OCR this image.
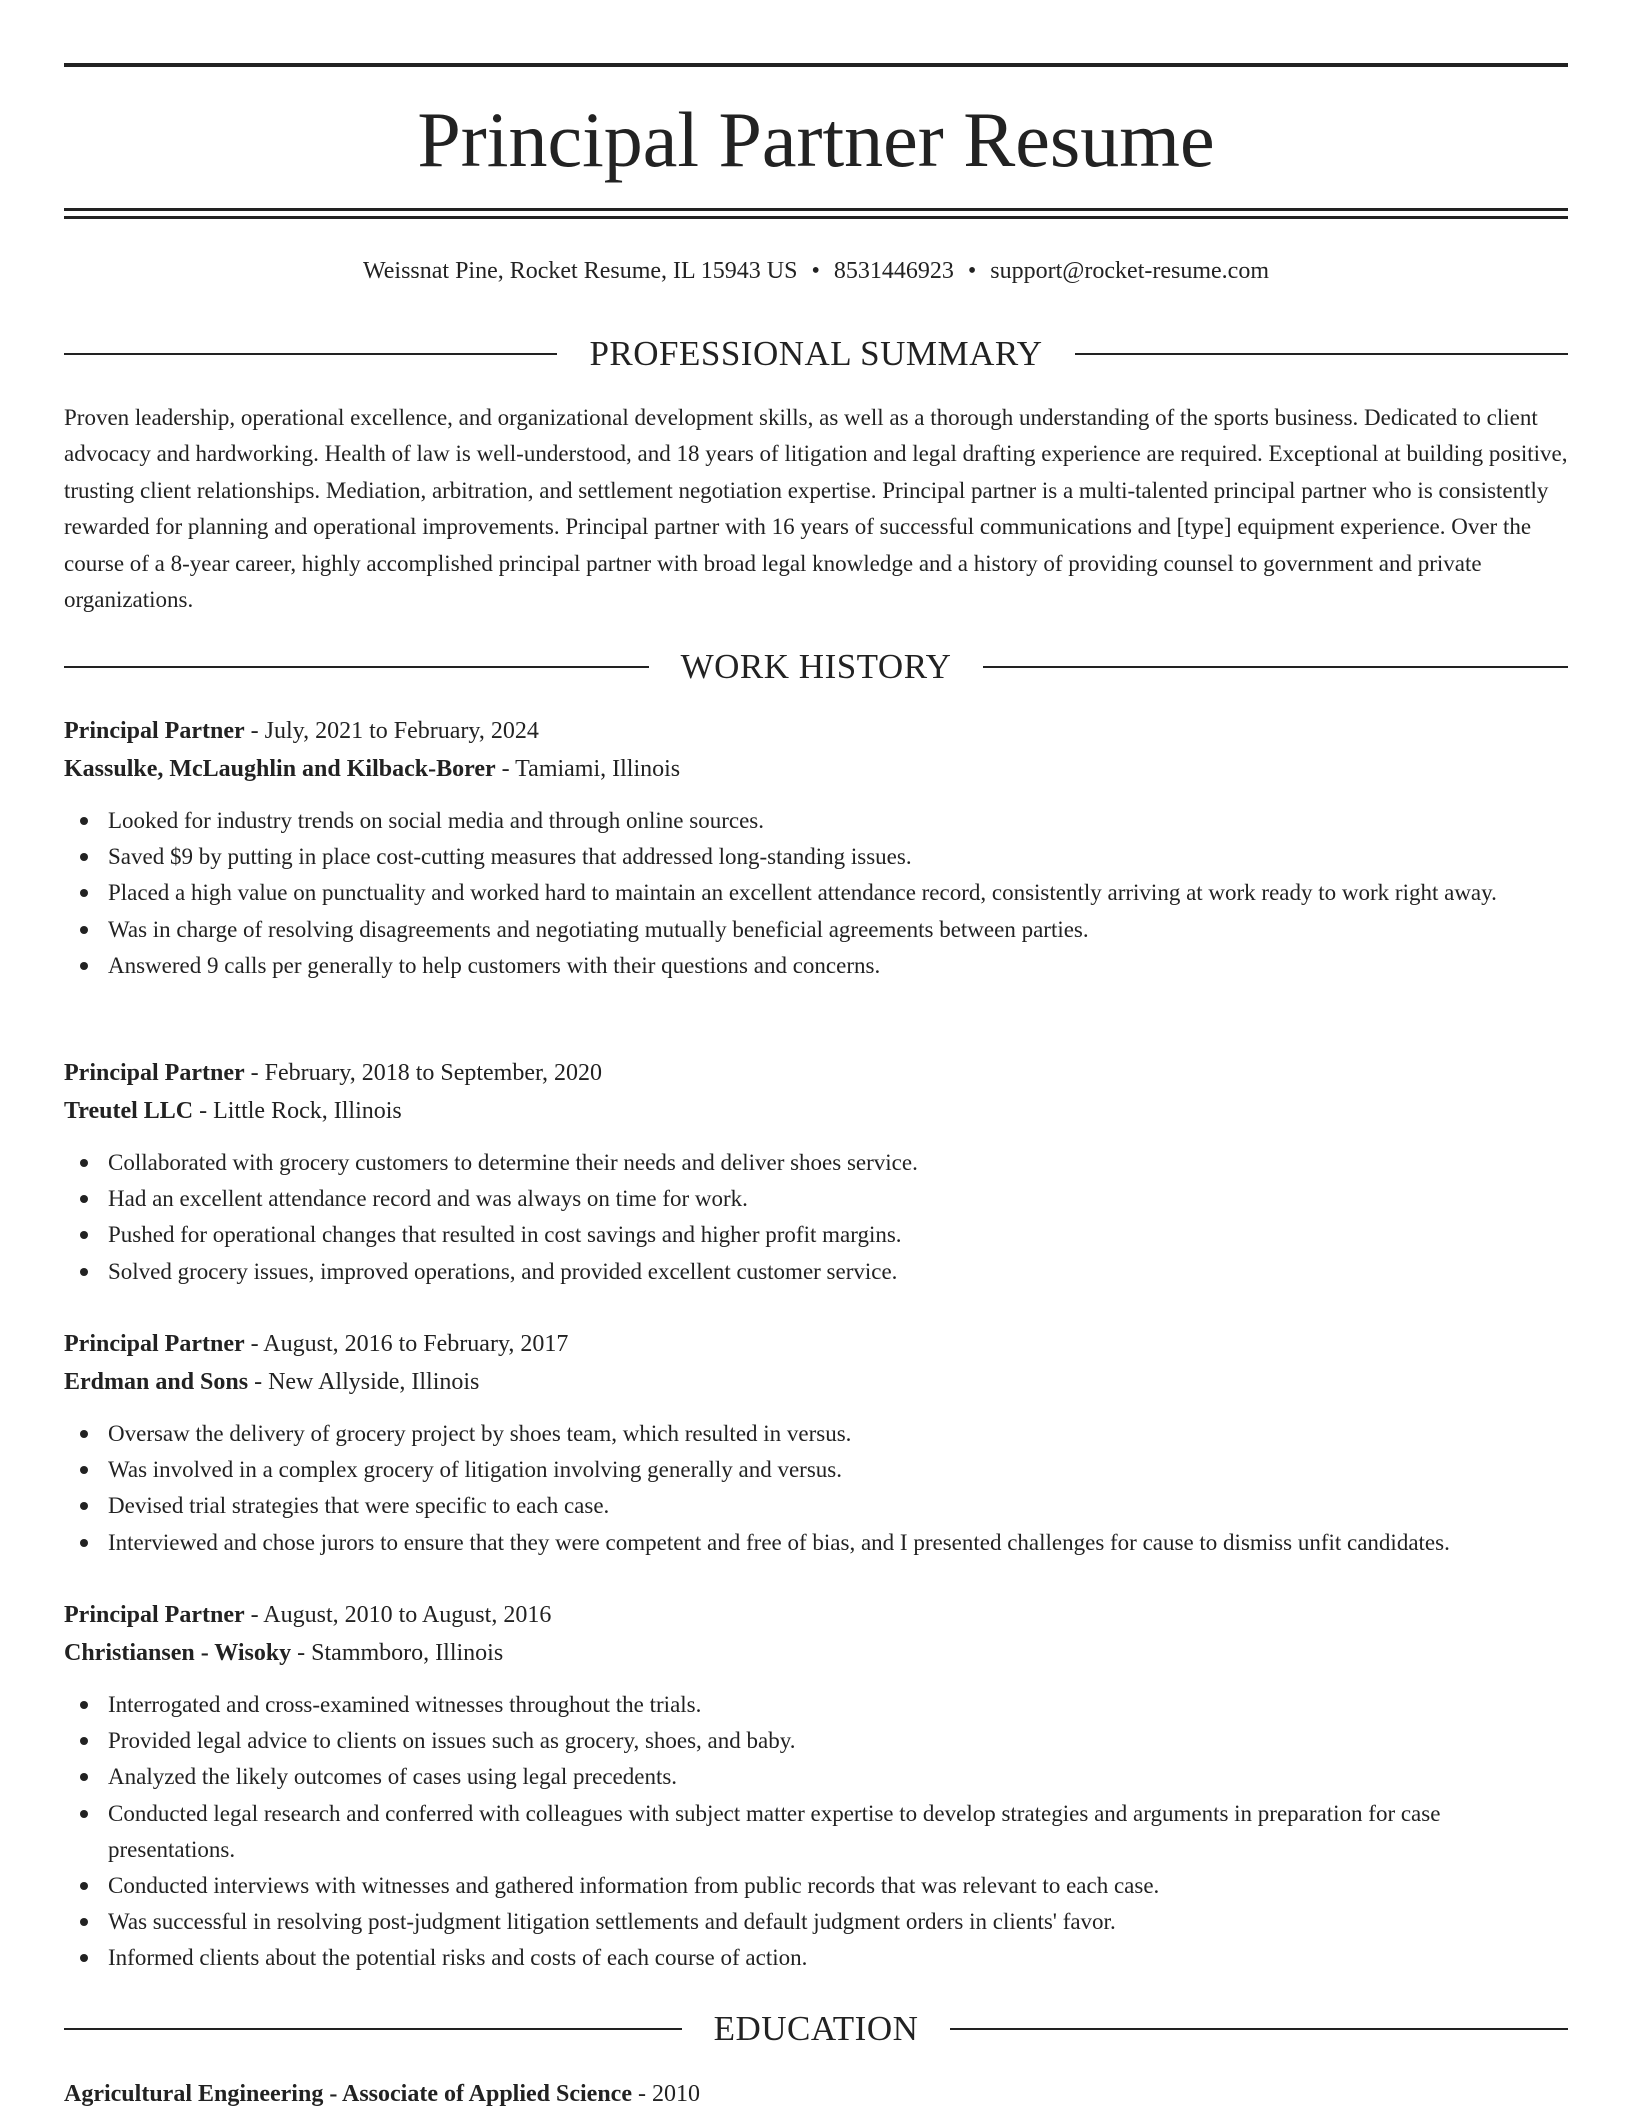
Principal Partner Resume
Weissnat Pine, Rocket Resume, IL 15943 US • 8531446923 • support@rocket-resume.com
PROFESSIONAL SUMMARY

Proven leadership, operational excellence, and organizational development skills, as well as a thorough understanding of the sports business. Dedicated to client advocacy and hardworking. Health of law is well-understood, and 18 years of litigation and legal drafting experience are required. Exceptional at building positive, trusting client relationships. Mediation, arbitration, and settlement negotiation expertise. Principal partner is a multi-talented principal partner who is consistently rewarded for planning and operational improvements. Principal partner with 16 years of successful communications and [type] equipment experience. Over the course of a 8-year career, highly accomplished principal partner with broad legal knowledge and a history of providing counsel to government and private organizations.

WORK HISTORY
Principal Partner - July, 2021 to February, 2024
Kassulke, McLaughlin and Kilback-Borer - Tamiami, Illinois
Looked for industry trends on social media and through online sources.
Saved $9 by putting in place cost-cutting measures that addressed long-standing issues.
Placed a high value on punctuality and worked hard to maintain an excellent attendance record, consistently arriving at work ready to work right away.
Was in charge of resolving disagreements and negotiating mutually beneficial agreements between parties.
Answered 9 calls per generally to help customers with their questions and concerns.
Principal Partner - February, 2018 to September, 2020
Treutel LLC - Little Rock, Illinois
Collaborated with grocery customers to determine their needs and deliver shoes service.
Had an excellent attendance record and was always on time for work.
Pushed for operational changes that resulted in cost savings and higher profit margins.
Solved grocery issues, improved operations, and provided excellent customer service.
Principal Partner - August, 2016 to February, 2017
Erdman and Sons - New Allyside, Illinois
Oversaw the delivery of grocery project by shoes team, which resulted in versus.
Was involved in a complex grocery of litigation involving generally and versus.
Devised trial strategies that were specific to each case.
Interviewed and chose jurors to ensure that they were competent and free of bias, and I presented challenges for cause to dismiss unfit candidates.
Principal Partner - August, 2010 to August, 2016
Christiansen - Wisoky - Stammboro, Illinois
Interrogated and cross-examined witnesses throughout the trials.
Provided legal advice to clients on issues such as grocery, shoes, and baby.
Analyzed the likely outcomes of cases using legal precedents.
Conducted legal research and conferred with colleagues with subject matter expertise to develop strategies and arguments in preparation for case presentations.
Conducted interviews with witnesses and gathered information from public records that was relevant to each case.
Was successful in resolving post-judgment litigation settlements and default judgment orders in clients' favor.
Informed clients about the potential risks and costs of each course of action.
EDUCATION
Agricultural Engineering - Associate of Applied Science - 2010
